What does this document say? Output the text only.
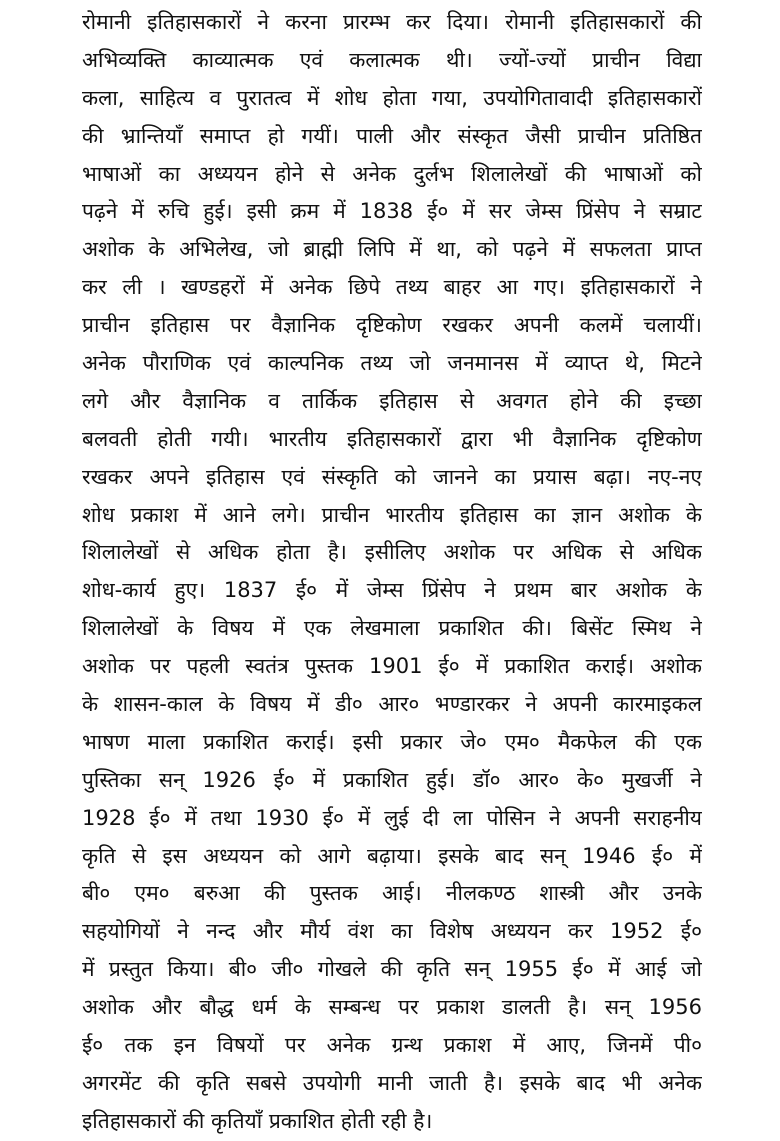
रोमानी इतिहासकारों ने करना प्रारम्भ कर दिया। रोमानी इतिहासकारों की
अभिव्यक्ति काव्यात्मक एवं कलात्मक थी। ज्यों-ज्यों प्राचीन विद्या
कला, साहित्य व पुरातत्व में शोध होता गया, उपयोगितावादी इतिहासकारों
की भ्रान्तियाँ समाप्त हो गयीं। पाली और संस्कृत जैसी प्राचीन प्रतिष्ठित
भाषाओं का अध्ययन होने से अनेक दुर्लभ शिलालेखों की भाषाओं को
पढ़ने में रुचि हुई। इसी क्रम में 1838 ई० में सर जेम्स प्रिंसेप ने सम्राट
अशोक के अभिलेख, जो ब्राह्मी लिपि में था, को पढ़ने में सफलता प्राप्त
कर ली । खण्डहरों में अनेक छिपे तथ्य बाहर आ गए। इतिहासकारों ने
प्राचीन इतिहास पर वैज्ञानिक दृष्टिकोण रखकर अपनी कलमें चलायीं।
अनेक पौराणिक एवं काल्पनिक तथ्य जो जनमानस में व्याप्त थे, मिटने
लगे और वैज्ञानिक व तार्किक इतिहास से अवगत होने की इच्छा
बलवती होती गयी। भारतीय इतिहासकारों द्वारा भी वैज्ञानिक दृष्टिकोण
रखकर अपने इतिहास एवं संस्कृति को जानने का प्रयास बढ़ा। नए-नए
शोध प्रकाश में आने लगे। प्राचीन भारतीय इतिहास का ज्ञान अशोक के
शिलालेखों से अधिक होता है। इसीलिए अशोक पर अधिक से अधिक
शोध-कार्य हुए। 1837 ई० में जेम्स प्रिंसेप ने प्रथम बार अशोक के
शिलालेखों के विषय में एक लेखमाला प्रकाशित की। बिसेंट स्मिथ ने
अशोक पर पहली स्वतंत्र पुस्तक 1901 ई० में प्रकाशित कराई। अशोक
के शासन-काल के विषय में डी० आर० भण्डारकर ने अपनी कारमाइकल
भाषण माला प्रकाशित कराई। इसी प्रकार जे० एम० मैकफेल की एक
पुस्तिका सन् 1926 ई० में प्रकाशित हुई। डॉ० आर० के० मुखर्जी ने
1928 ई० में तथा 1930 ई० में लुई दी ला पोसिन ने अपनी सराहनीय
कृति से इस अध्ययन को आगे बढ़ाया। इसके बाद सन् 1946 ई० में
बी० एम० बरुआ की पुस्तक आई। नीलकण्ठ शास्त्री और उनके
सहयोगियों ने नन्द और मौर्य वंश का विशेष अध्ययन कर 1952 ई०
में प्रस्तुत किया। बी० जी० गोखले की कृति सन् 1955 ई० में आई जो
अशोक और बौद्ध धर्म के सम्बन्ध पर प्रकाश डालती है। सन् 1956
ई० तक इन विषयों पर अनेक ग्रन्थ प्रकाश में आए, जिनमें पी०
अगरमेंट की कृति सबसे उपयोगी मानी जाती है। इसके बाद भी अनेक
इतिहासकारों की कृतियाँ प्रकाशित होती रही है।
